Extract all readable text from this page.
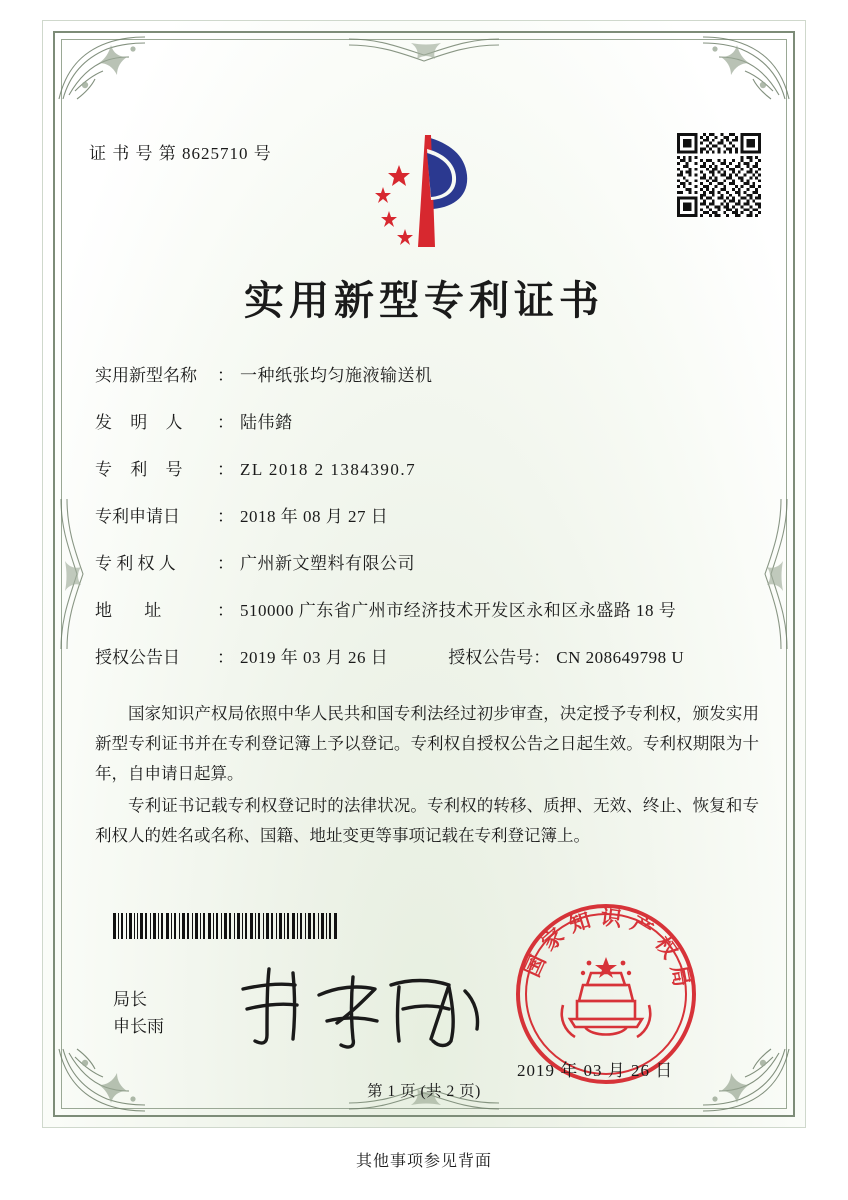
证 书 号 第 8625710 号
实用新型专利证书
实用新型名称	： 一种纸张均匀施液输送机
发 明 人	： 陆伟錔
专 利 号	： ZL 2018 2 1384390.7
专利申请日	： 2018 年 08 月 27 日
专 利 权 人	： 广州新文塑料有限公司
地 址	： 510000 广东省广州市经济技术开发区永和区永盛路 18 号
授权公告日	： 2019 年 03 月 26 日	授权公告号 ： CN 208649798 U

国家知识产权局依照中华人民共和国专利法经过初步审查，决定授予专利权，颁发实用新型专利证书并在专利登记簿上予以登记。专利权自授权公告之日起生效。专利权期限为十年，自申请日起算。

专利证书记载专利权登记时的法律状况。专利权的转移、质押、无效、终止、恢复和专利权人的姓名或名称、国籍、地址变更等事项记载在专利登记簿上。

局长
申长雨
国家知识产权局
2019 年 03 月 26 日
第 1 页 (共 2 页)
其他事项参见背面
